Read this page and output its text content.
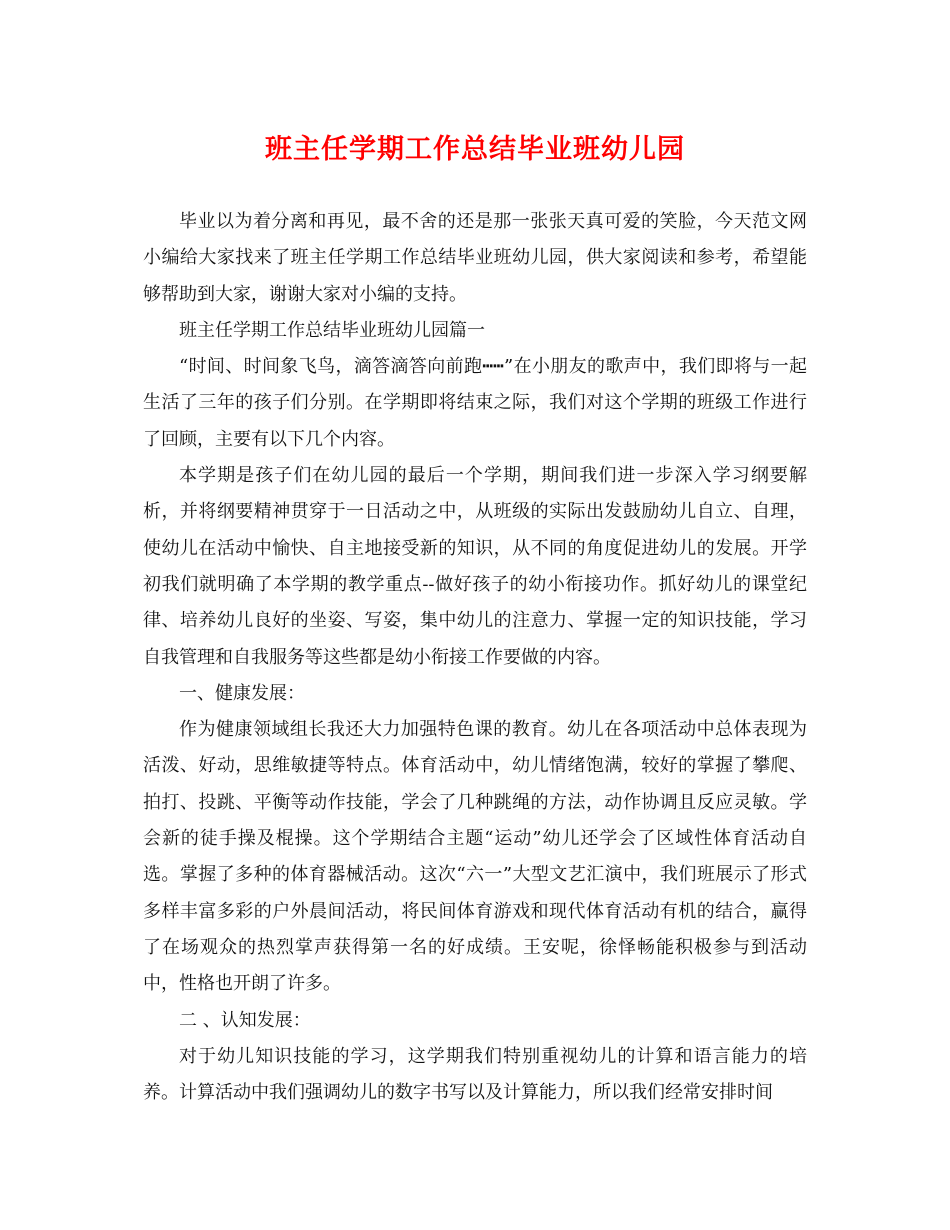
班主任学期工作总结毕业班幼儿园

毕业以为着分离和再见，最不舍的还是那一张张天真可爱的笑脸，今天范文网小编给大家找来了班主任学期工作总结毕业班幼儿园，供大家阅读和参考，希望能够帮助到大家，谢谢大家对小编的支持。

班主任学期工作总结毕业班幼儿园篇一

“时间、时间象飞鸟，滴答滴答向前跑┅┅”在小朋友的歌声中，我们即将与一起生活了三年的孩子们分别。在学期即将结束之际，我们对这个学期的班级工作进行了回顾，主要有以下几个内容。

本学期是孩子们在幼儿园的最后一个学期，期间我们进一步深入学习纲要解析，并将纲要精神贯穿于一日活动之中，从班级的实际出发鼓励幼儿自立、自理，使幼儿在活动中愉快、自主地接受新的知识，从不同的角度促进幼儿的发展。开学初我们就明确了本学期的教学重点--做好孩子的幼小衔接功作。抓好幼儿的课堂纪律、培养幼儿良好的坐姿、写姿，集中幼儿的注意力、掌握一定的知识技能，学习自我管理和自我服务等这些都是幼小衔接工作要做的内容。

一、健康发展：

作为健康领域组长我还大力加强特色课的教育。幼儿在各项活动中总体表现为活泼、好动，思维敏捷等特点。体育活动中，幼儿情绪饱满，较好的掌握了攀爬、拍打、投跳、平衡等动作技能，学会了几种跳绳的方法，动作协调且反应灵敏。学会新的徒手操及棍操。这个学期结合主题“运动”幼儿还学会了区域性体育活动自选。掌握了多种的体育器械活动。这次“六一”大型文艺汇演中，我们班展示了形式多样丰富多彩的户外晨间活动，将民间体育游戏和现代体育活动有机的结合，赢得了在场观众的热烈掌声获得第一名的好成绩。王安呢，徐怿畅能积极参与到活动中，性格也开朗了许多。

二 、认知发展：

对于幼儿知识技能的学习，这学期我们特别重视幼儿的计算和语言能力的培养。计算活动中我们强调幼儿的数字书写以及计算能力，所以我们经常安排时间
